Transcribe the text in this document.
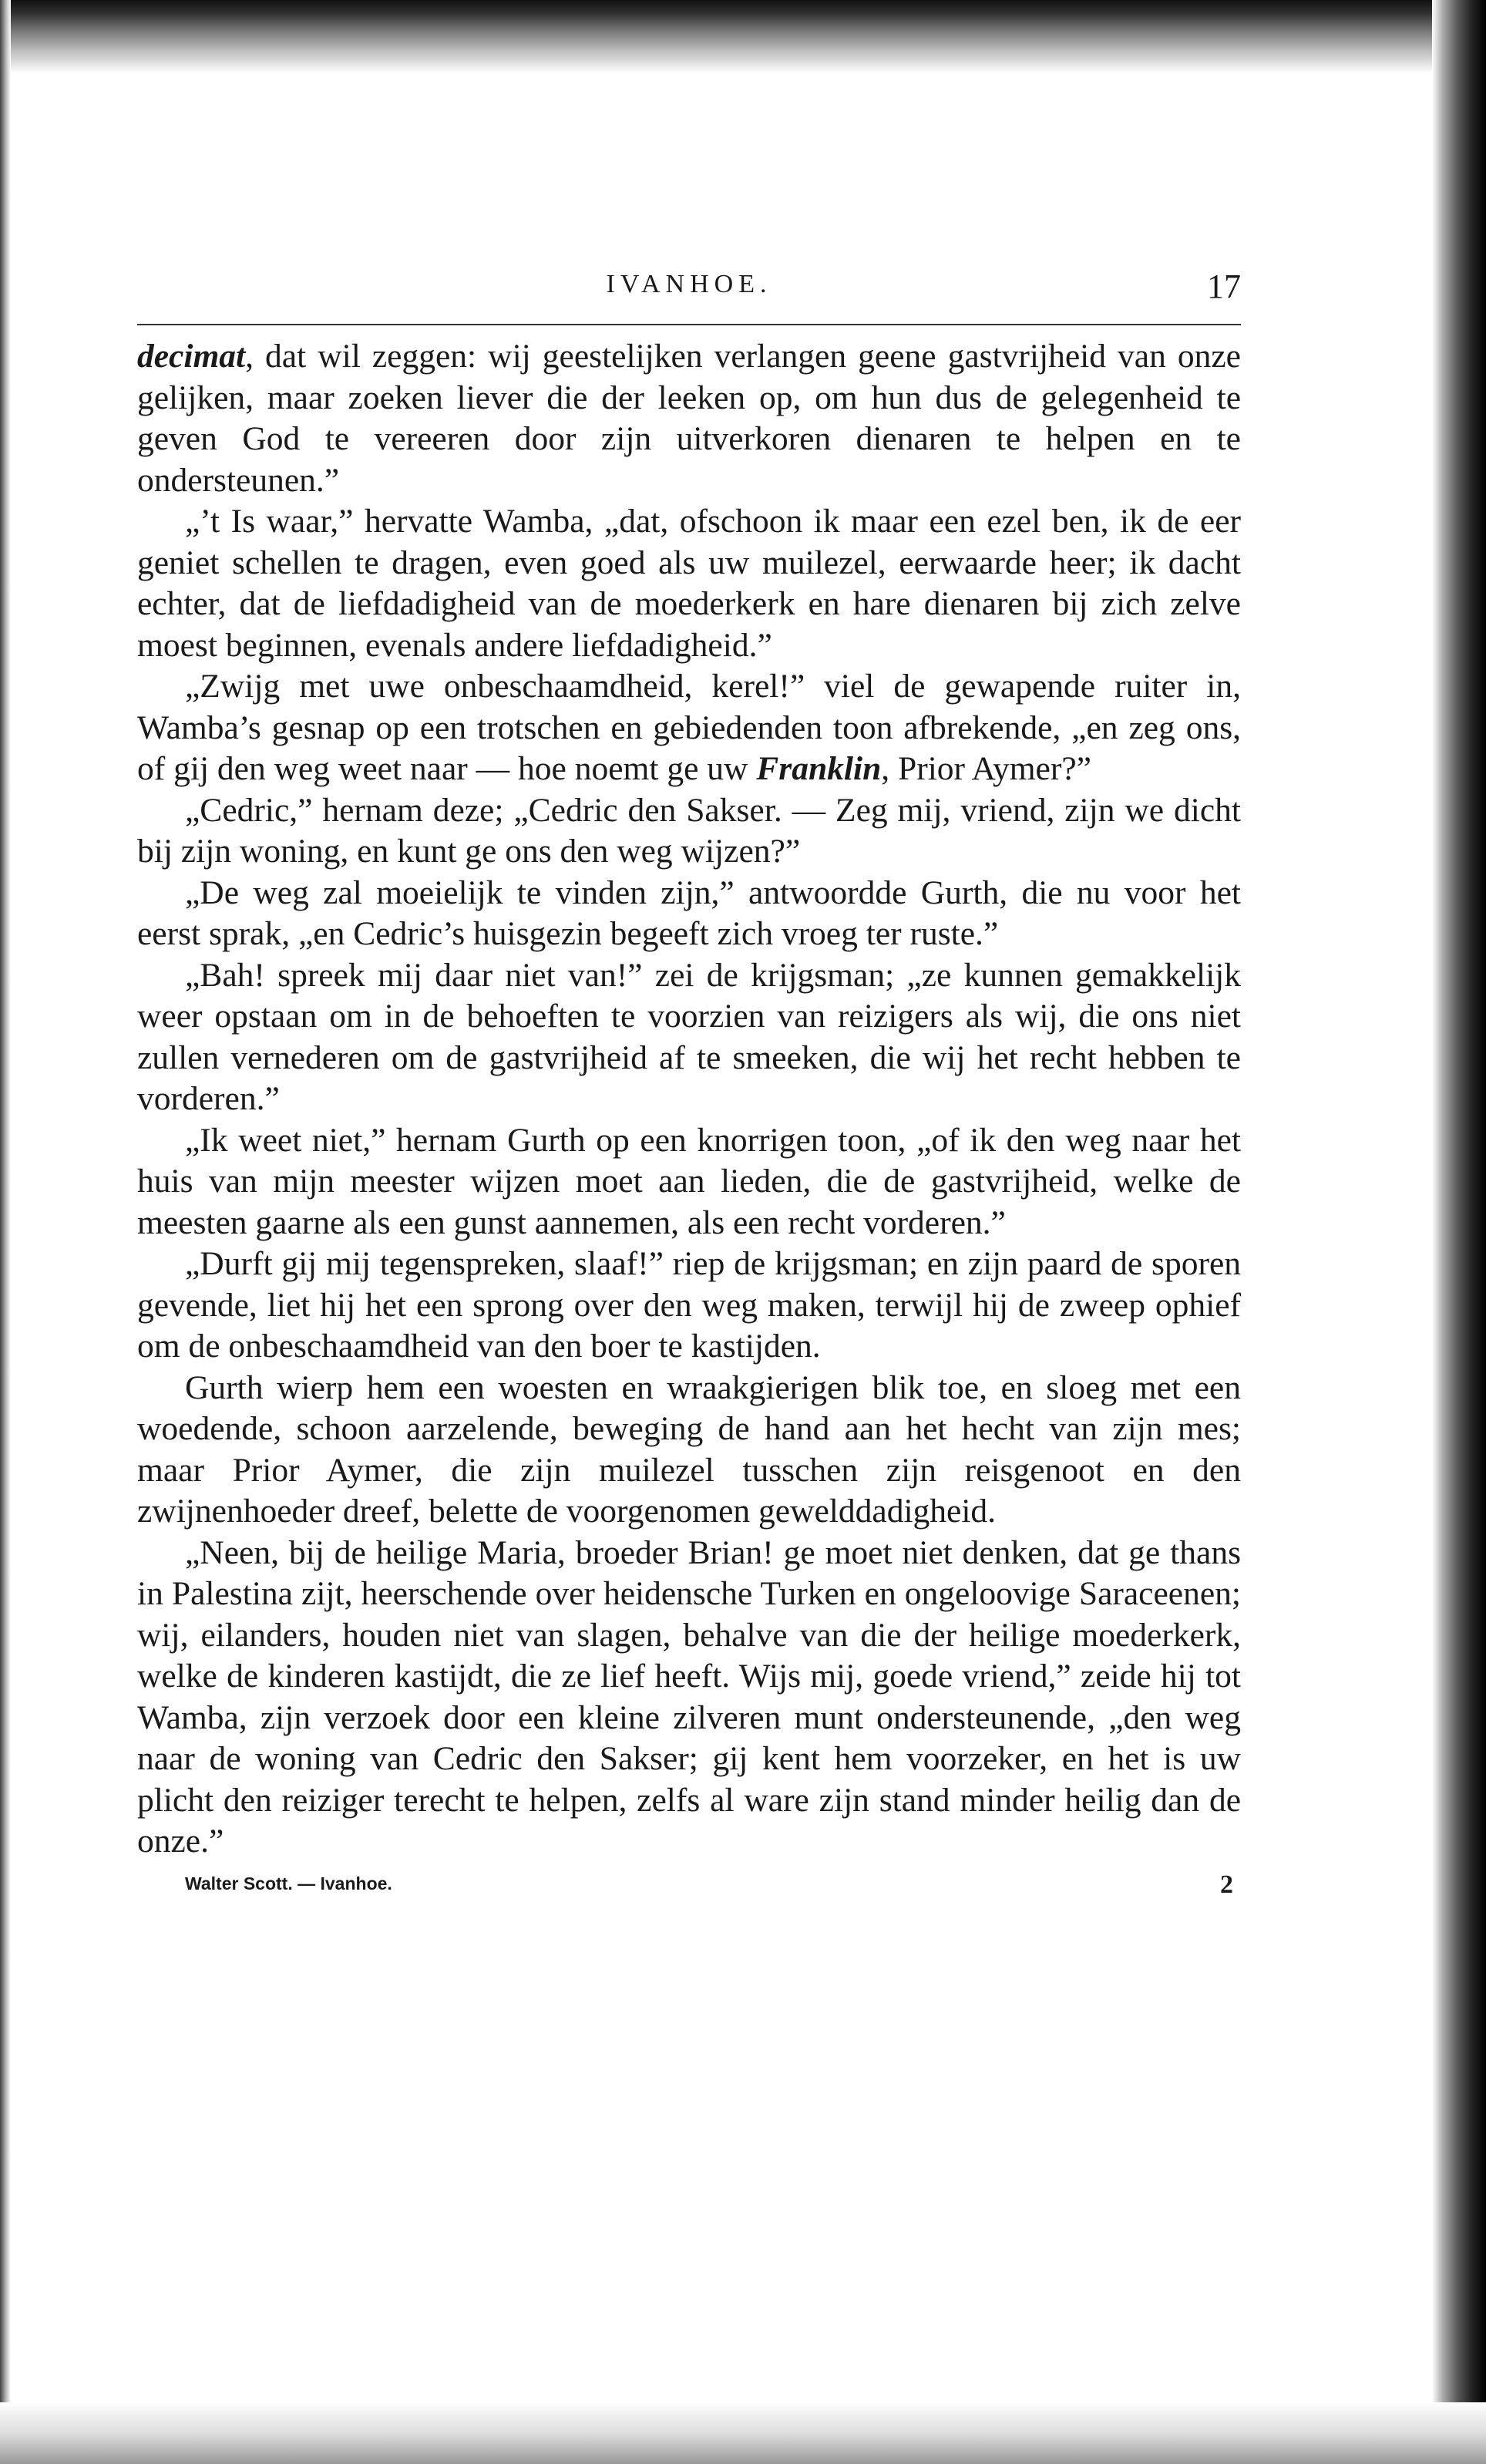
IVANHOE.	17

decimat, dat wil zeggen: wij geestelijken verlangen geene gastvrijheid van onze gelijken, maar zoeken liever die der leeken op, om hun dus de gelegenheid te geven God te vereeren door zijn uitverkoren dienaren te helpen en te ondersteunen.”

„’t Is waar,” hervatte Wamba, „dat, ofschoon ik maar een ezel ben, ik de eer geniet schellen te dragen, even goed als uw muilezel, eerwaarde heer; ik dacht echter, dat de liefdadigheid van de moederkerk en hare dienaren bij zich zelve moest beginnen, evenals andere liefdadigheid.”

„Zwijg met uwe onbeschaamdheid, kerel!” viel de gewapende ruiter in, Wamba’s gesnap op een trotschen en gebiedenden toon afbrekende, „en zeg ons, of gij den weg weet naar — hoe noemt ge uw Franklin, Prior Aymer?”

„Cedric,” hernam deze; „Cedric den Sakser. — Zeg mij, vriend, zijn we dicht bij zijn woning, en kunt ge ons den weg wijzen?”

„De weg zal moeielijk te vinden zijn,” antwoordde Gurth, die nu voor het eerst sprak, „en Cedric’s huisgezin begeeft zich vroeg ter ruste.”

„Bah! spreek mij daar niet van!” zei de krijgsman; „ze kunnen gemakkelijk weer opstaan om in de behoeften te voorzien van reizigers als wij, die ons niet zullen vernederen om de gastvrijheid af te smeeken, die wij het recht hebben te vorderen.”

„Ik weet niet,” hernam Gurth op een knorrigen toon, „of ik den weg naar het huis van mijn meester wijzen moet aan lieden, die de gastvrijheid, welke de meesten gaarne als een gunst aannemen, als een recht vorderen.”

„Durft gij mij tegenspreken, slaaf!” riep de krijgsman; en zijn paard de sporen gevende, liet hij het een sprong over den weg maken, terwijl hij de zweep ophief om de onbeschaamdheid van den boer te kastijden.

Gurth wierp hem een woesten en wraakgierigen blik toe, en sloeg met een woedende, schoon aarzelende, beweging de hand aan het hecht van zijn mes; maar Prior Aymer, die zijn muilezel tusschen zijn reisgenoot en den zwijnenhoeder dreef, belette de voorgenomen gewelddadigheid.

„Neen, bij de heilige Maria, broeder Brian! ge moet niet denken, dat ge thans in Palestina zijt, heerschende over heidensche Turken en ongeloovige Saraceenen; wij, eilanders, houden niet van slagen, behalve van die der heilige moederkerk, welke de kinderen kastijdt, die ze lief heeft. Wijs mij, goede vriend,” zeide hij tot Wamba, zijn verzoek door een kleine zilveren munt ondersteunende, „den weg naar de woning van Cedric den Sakser; gij kent hem voorzeker, en het is uw plicht den reiziger terecht te helpen, zelfs al ware zijn stand minder heilig dan de onze.”

Walter Scott. — Ivanhoe.	2
